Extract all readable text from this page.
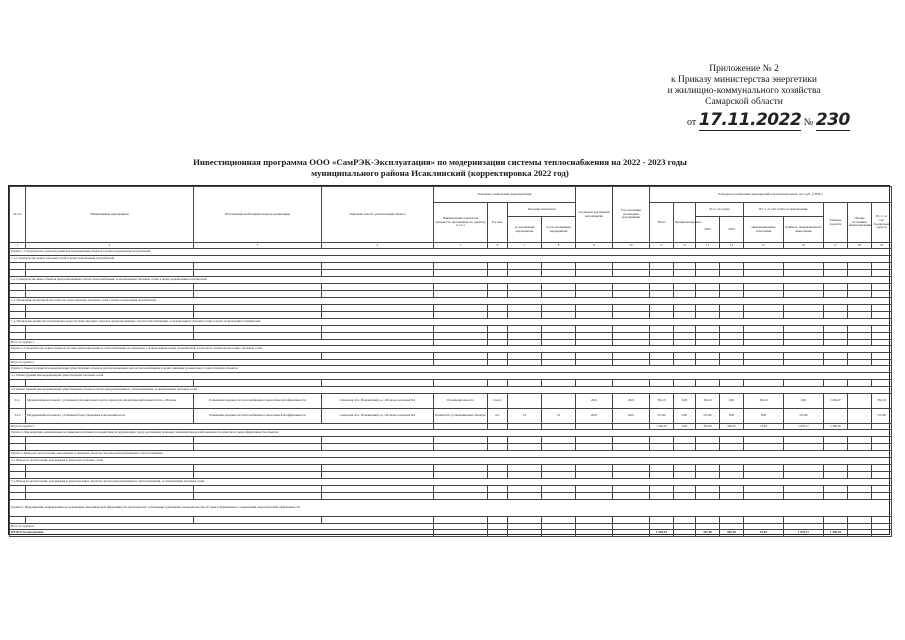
Приложение № 2
к Приказу министерства энергетики
и жилищно-коммунального хозяйства
Самарской области
от 17.11.2022 № 230
Инвестиционная программа ООО «СамРЭК-Эксплуатация» по модернизации системы теплоснабжения на 2022 - 2023 годы
муниципального района Исаклинский (корректировка 2022 год)
№ п/п	Наименование мероприятия	Обоснование необходимости (цель реализации)	Описание и место расположения объекта	Основные технические характеристики				Год начала реализации мероприятия	Год окончания реализации мероприятия	Расходы на реализацию мероприятий в прогнозных ценах, тыс. руб. (с НДС)								
				Наименование показателя (мощность, протяжённость, диаметр и т.п.)	Ед. изм.	Значение показателя				Всего	Профинансировано	В т.ч. по годам		В т.ч. за счет платы за подключение		Заемные средства	Прочие источники финансирования	В т.ч. за счет бюджетных средств
						до реализации мероприятия	после реализации мероприятия					2022	2023	амортизационные отчисления	прибыль, направленная на инвестиции			
1	2	3	4	5	6	7	8	9	10	11	12	13	14	15	16	17	18	19
Группа 1. Строительство, реконструкция или модернизация объектов в целях подключения потребителей:																		
1.1. Строительство новых тепловых сетей в целях подключения потребителей																		

1.2. Строительство иных объектов централизованных систем теплоснабжения, за исключением тепловых сетей, в целях подключения потребителей																		

1.3. Увеличение пропускной способности существующих тепловых сетей в целях подключения потребителей																		

1.4. Увеличение мощности и производительности существующих объектов централизованных систем теплоснабжения, за исключением тепловых сетей, в целях подключения потребителей																		

Всего по группе 1																		
Группа 2. Строительство новых объектов системы централизованного теплоснабжения, не связанных с подключением новых потребителей, в том числе строительство новых тепловых сетей																		

Всего по группе 2																		
Группа 3. Реконструкция или модернизация существующих объектов централизованных систем теплоснабжения в целях снижения уровня износа существующих объектов																		
3.1. Реконструкция или модернизация существующих тепловых сетей																		

3.2. Реконструкция или модернизация существующих объектов систем централизованного теплоснабжения, за исключением тепловых сетей																		
3.2.1	Модернизация котельной с установкой дополнительного котла, перевод на автоматический режим работы, с.Исаклы	Повышение надежности теплоснабжения и энергетической эффективности	Самарская обл., Исаклинский р-н, с.Исаклы, котельная №1	Производительность	Гкал/ч			2022	2022	362,19	0,00	362,19	0,00	362,19	0,00	1 204,67		362,19
3.2.2	Модернизация котельной с установкой блока управления и автоматики котла	Повышение надежности теплоснабжения и энергетической эффективности	Самарская обл., Исаклинский р-н, с.Исаклы, котельная №2	Количество устанавливаемых объектов	шт.	16	16	2022	2022	257,66	0,00	257,66	0,00	0,00	257,66			257,66
Всего по группе 3										1 564,19	0,00	367,90	962,30	15,63	1 670,17	1 390,26		
Группа 4. Мероприятия, направленные на снижение негативного воздействия на окружающую среду, достижение плановых значений показателей надежности, качества и энергоэффективности объектов																		

Группа 5. Вывод из эксплуатации, консервация и демонтаж объектов системы централизованного теплоснабжения																		
5.1. Вывод из эксплуатации, консервация и демонтаж тепловых сетей																		

5.2. Вывод из эксплуатации, консервация и демонтаж иных объектов систем централизованного теплоснабжения, за исключением тепловых сетей																		

Группа 6. Мероприятия, направленные на повышение экономической эффективности деятельности, соблюдение требований законодательства об энергосбережении и о повышении энергетической эффективности																		

Всего по группе 6																		
ИТОГО по программе										1 564,19		367,90	962,30	15,63	1 670,17	1 390,26		
